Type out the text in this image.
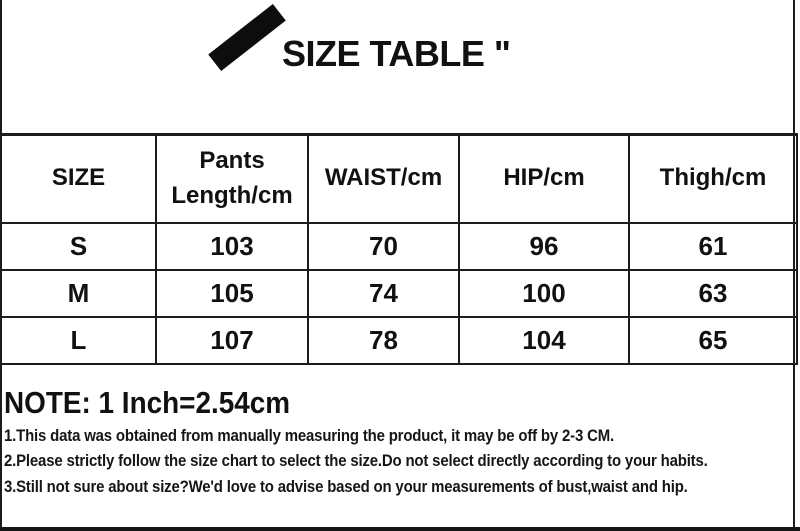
SIZE TABLE "
SIZE	Pants Length/cm	WAIST/cm	HIP/cm	Thigh/cm
S	103	70	96	61
M	105	74	100	63
L	107	78	104	65
NOTE: 1 Inch=2.54cm
1.This data was obtained from manually measuring the product, it may be off by 2-3 CM.
2.Please strictly follow the size chart to select the size.Do not select directly according to your habits.
3.Still not sure about size?We'd love to advise based on your measurements of bust,waist and hip.
